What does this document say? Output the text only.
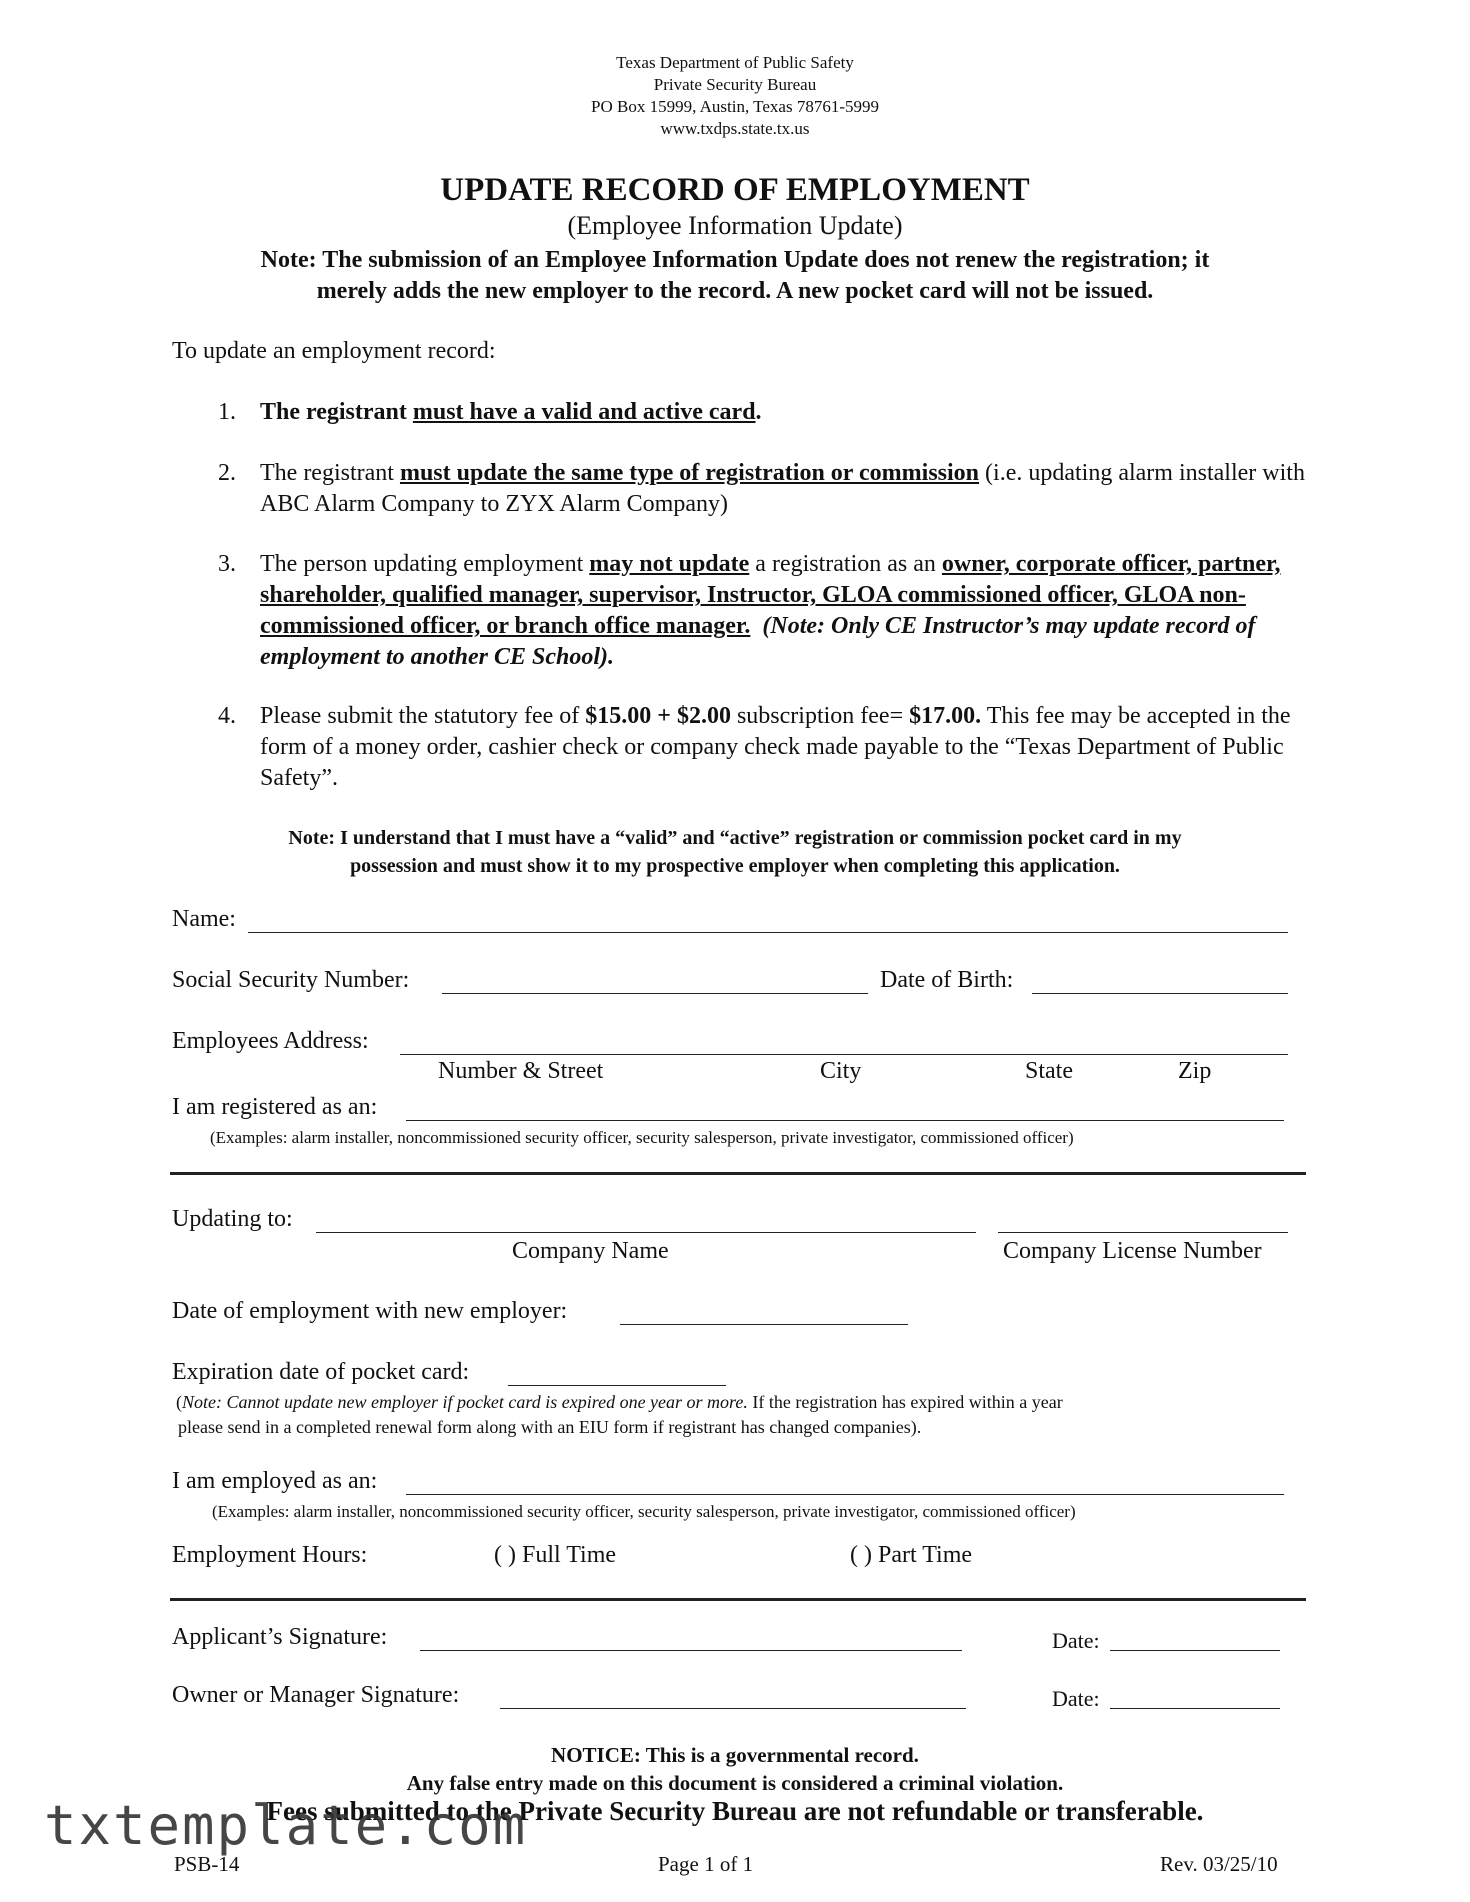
Texas Department of Public Safety
Private Security Bureau
PO Box 15999, Austin, Texas 78761-5999
www.txdps.state.tx.us
UPDATE RECORD OF EMPLOYMENT
(Employee Information Update)
Note: The submission of an Employee Information Update does not renew the registration; it
merely adds the new employer to the record. A new pocket card will not be issued.
To update an employment record:
1. The registrant must have a valid and active card.
2. The registrant must update the same type of registration or commission (i.e. updating alarm installer with ABC Alarm Company to ZYX Alarm Company)
3. The person updating employment may not update a registration as an owner, corporate officer, partner, shareholder, qualified manager, supervisor, Instructor, GLOA commissioned officer, GLOA non-commissioned officer, or branch office manager. (Note: Only CE Instructor’s may update record of employment to another CE School).
4. Please submit the statutory fee of $15.00 + $2.00 subscription fee= $17.00. This fee may be accepted in the form of a money order, cashier check or company check made payable to the “Texas Department of Public Safety”.
Note: I understand that I must have a “valid” and “active” registration or commission pocket card in my
possession and must show it to my prospective employer when completing this application.
Name:
Social Security Number:	Date of Birth:
Employees Address:
Number & Street	City	State	Zip
I am registered as an:
(Examples: alarm installer, noncommissioned security officer, security salesperson, private investigator, commissioned officer)
Updating to:
Company Name	Company License Number
Date of employment with new employer:
Expiration date of pocket card:
(Note: Cannot update new employer if pocket card is expired one year or more. If the registration has expired within a year
please send in a completed renewal form along with an EIU form if registrant has changed companies).
I am employed as an:
(Examples: alarm installer, noncommissioned security officer, security salesperson, private investigator, commissioned officer)
Employment Hours:	( ) Full Time	( ) Part Time
Applicant’s Signature:	Date:
Owner or Manager Signature:	Date:
NOTICE: This is a governmental record.
Any false entry made on this document is considered a criminal violation.
Fees submitted to the Private Security Bureau are not refundable or transferable.
txtemplate.com
PSB-14	Page 1 of 1	Rev. 03/25/10
